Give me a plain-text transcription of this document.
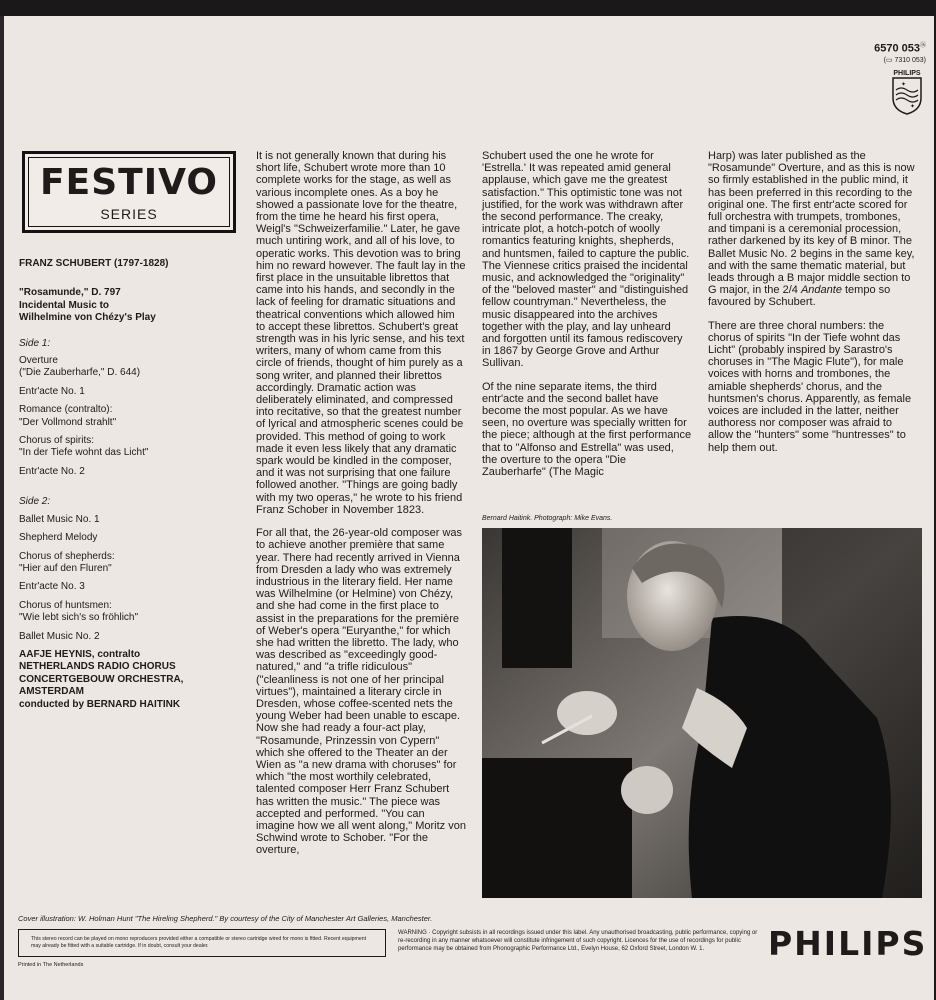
6570 053⑯
(▭ 7310 053)
PHILIPS
✦
✦
FESTIVO
SERIES
FRANZ SCHUBERT (1797-1828)
"Rosamunde," D. 797
Incidental Music to
Wilhelmine von Chézy's Play
Side 1:
Overture
("Die Zauberharfe," D. 644)
Entr'acte No. 1
Romance (contralto):
"Der Vollmond strahlt"
Chorus of spirits:
"In der Tiefe wohnt das Licht"
Entr'acte No. 2
Side 2:
Ballet Music No. 1
Shepherd Melody
Chorus of shepherds:
"Hier auf den Fluren"
Entr'acte No. 3
Chorus of huntsmen:
"Wie lebt sich's so fröhlich"
Ballet Music No. 2
AAFJE HEYNIS, contralto
NETHERLANDS RADIO CHORUS
CONCERTGEBOUW ORCHESTRA,
AMSTERDAM
conducted by BERNARD HAITINK

It is not generally known that during his short life, Schubert wrote more than 10 complete works for the stage, as well as various incomplete ones. As a boy he showed a passionate love for the theatre, from the time he heard his first opera, Weigl's "Schweizerfamilie." Later, he gave much untiring work, and all of his love, to operatic works. This devotion was to bring him no reward however. The fault lay in the first place in the unsuitable librettos that came into his hands, and secondly in the lack of feeling for dramatic situations and theatrical conventions which allowed him to accept these librettos. Schubert's great strength was in his lyric sense, and his text writers, many of whom came from this circle of friends, thought of him purely as a song writer, and planned their librettos accordingly. Dramatic action was deliberately eliminated, and compressed into recitative, so that the greatest number of lyrical and atmospheric scenes could be provided. This method of going to work made it even less likely that any dramatic spark would be kindled in the composer, and it was not surprising that one failure followed another. "Things are going badly with my two operas," he wrote to his friend Franz Schober in November 1823.

For all that, the 26-year-old composer was to achieve another première that same year. There had recently arrived in Vienna from Dresden a lady who was extremely industrious in the literary field. Her name was Wilhelmine (or Helmine) von Chézy, and she had come in the first place to assist in the preparations for the première of Weber's opera "Euryanthe," for which she had written the libretto. The lady, who was described as "exceedingly good-natured," and "a trifle ridiculous" ("cleanliness is not one of her principal virtues"), maintained a literary circle in Dresden, whose coffee-scented nets the young Weber had been unable to escape. Now she had ready a four-act play, "Rosamunde, Prinzessin von Cypern" which she offered to the Theater an der Wien as "a new drama with choruses" for which "the most worthily celebrated, talented composer Herr Franz Schubert has written the music." The piece was accepted and performed. "You can imagine how we all went along," Moritz von Schwind wrote to Schober. "For the overture,

Schubert used the one he wrote for 'Estrella.' It was repeated amid general applause, which gave me the greatest satisfaction." This optimistic tone was not justified, for the work was withdrawn after the second performance. The creaky, intricate plot, a hotch-potch of woolly romantics featuring knights, shepherds, and huntsmen, failed to capture the public. The Viennese critics praised the incidental music, and acknowledged the "originality" of the "beloved master" and "distinguished fellow countryman." Nevertheless, the music disappeared into the archives together with the play, and lay unheard and forgotten until its famous rediscovery in 1867 by George Grove and Arthur Sullivan.

Of the nine separate items, the third entr'acte and the second ballet have become the most popular. As we have seen, no overture was specially written for the piece; although at the first performance that to "Alfonso and Estrella" was used, the overture to the opera "Die Zauberharfe" (The Magic

Harp) was later published as the "Rosamunde" Overture, and as this is now so firmly established in the public mind, it has been preferred in this recording to the original one. The first entr'acte scored for full orchestra with trumpets, trombones, and timpani is a ceremonial procession, rather darkened by its key of B minor. The Ballet Music No. 2 begins in the same key, and with the same thematic material, but leads through a B major middle section to G major, in the 2/4 Andante tempo so favoured by Schubert.

There are three choral numbers: the chorus of spirits "In der Tiefe wohnt das Licht" (probably inspired by Sarastro's choruses in "The Magic Flute"), for male voices with horns and trombones, the amiable shepherds' chorus, and the huntsmen's chorus. Apparently, as female voices are included in the latter, neither authoress nor composer was afraid to allow the "hunters" some "huntresses" to help them out.

Bernard Haitink. Photograph: Mike Evans.
Cover illustration: W. Holman Hunt "The Hireling Shepherd." By courtesy of the City of Manchester Art Galleries, Manchester.
This stereo record can be played on mono reproducers provided either a compatible or stereo cartridge wired for mono is fitted. Recent equipment may already be fitted with a suitable cartridge. If in doubt, consult your dealer.
WARNING · Copyright subsists in all recordings issued under this label. Any unauthorised broadcasting, public performance, copying or re-recording in any manner whatsoever will constitute infringement of such copyright. Licences for the use of recordings for public performance may be obtained from Phonographic Performance Ltd., Evelyn House, 62 Oxford Street, London W. 1.	PHILIPS
Printed in The Netherlands
